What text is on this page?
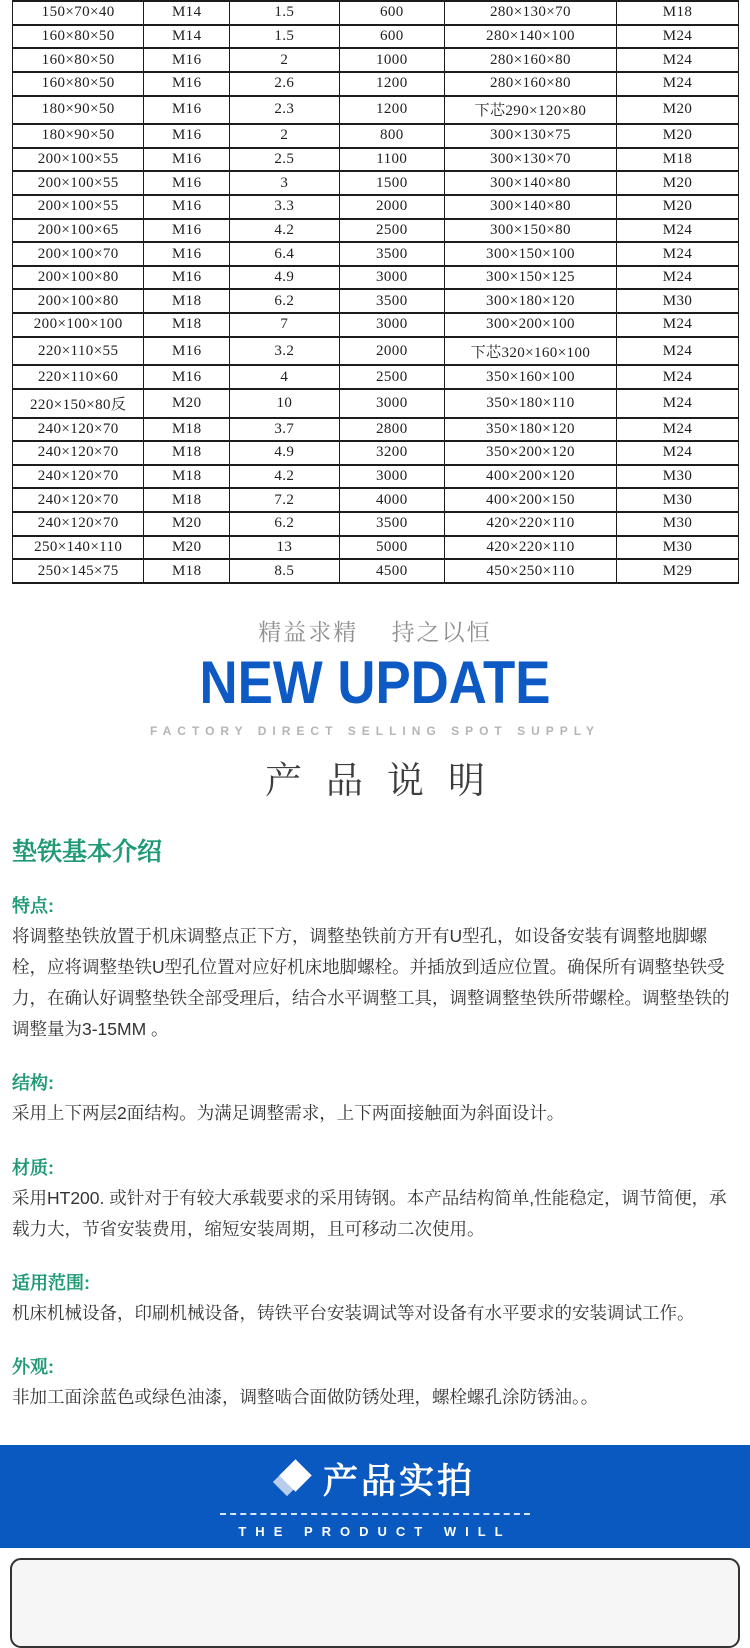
150×70×40	M14	1.5	600	280×130×70	M18
160×80×50	M14	1.5	600	280×140×100	M24
160×80×50	M16	2	1000	280×160×80	M24
160×80×50	M16	2.6	1200	280×160×80	M24
180×90×50	M16	2.3	1200	下芯290×120×80	M20
180×90×50	M16	2	800	300×130×75	M20
200×100×55	M16	2.5	1100	300×130×70	M18
200×100×55	M16	3	1500	300×140×80	M20
200×100×55	M16	3.3	2000	300×140×80	M20
200×100×65	M16	4.2	2500	300×150×80	M24
200×100×70	M16	6.4	3500	300×150×100	M24
200×100×80	M16	4.9	3000	300×150×125	M24
200×100×80	M18	6.2	3500	300×180×120	M30
200×100×100	M18	7	3000	300×200×100	M24
220×110×55	M16	3.2	2000	下芯320×160×100	M24
220×110×60	M16	4	2500	350×160×100	M24
220×150×80反	M20	10	3000	350×180×110	M24
240×120×70	M18	3.7	2800	350×180×120	M24
240×120×70	M18	4.9	3200	350×200×120	M24
240×120×70	M18	4.2	3000	400×200×120	M30
240×120×70	M18	7.2	4000	400×200×150	M30
240×120×70	M20	6.2	3500	420×220×110	M30
250×140×110	M20	13	5000	420×220×110	M30
250×145×75	M18	8.5	4500	450×250×110	M29
精益求精　 持之以恒
NEW UPDATE
FACTORY DIRECT SELLING SPOT SUPPLY
产品说明
垫铁基本介绍
特点:
将调整垫铁放置于机床调整点正下方，调整垫铁前方开有U型孔，如设备安装有调整地脚螺栓，应将调整垫铁U型孔位置对应好机床地脚螺栓。并插放到适应位置。确保所有调整垫铁受力，在确认好调整垫铁全部受理后，结合水平调整工具，调整调整垫铁所带螺栓。调整垫铁的调整量为3-15MM 。
结构:
采用上下两层2面结构。为满足调整需求，上下两面接触面为斜面设计。
材质:
采用HT200. 或针对于有较大承载要求的采用铸钢。本产品结构简单,性能稳定，调节简便，承载力大，节省安装费用，缩短安装周期，且可移动二次使用。
适用范围:
机床机械设备，印刷机械设备，铸铁平台安装调试等对设备有水平要求的安装调试工作。
外观:
非加工面涂蓝色或绿色油漆，调整啮合面做防锈处理，螺栓螺孔涂防锈油。。
产品实拍
THE PRODUCT WILL
